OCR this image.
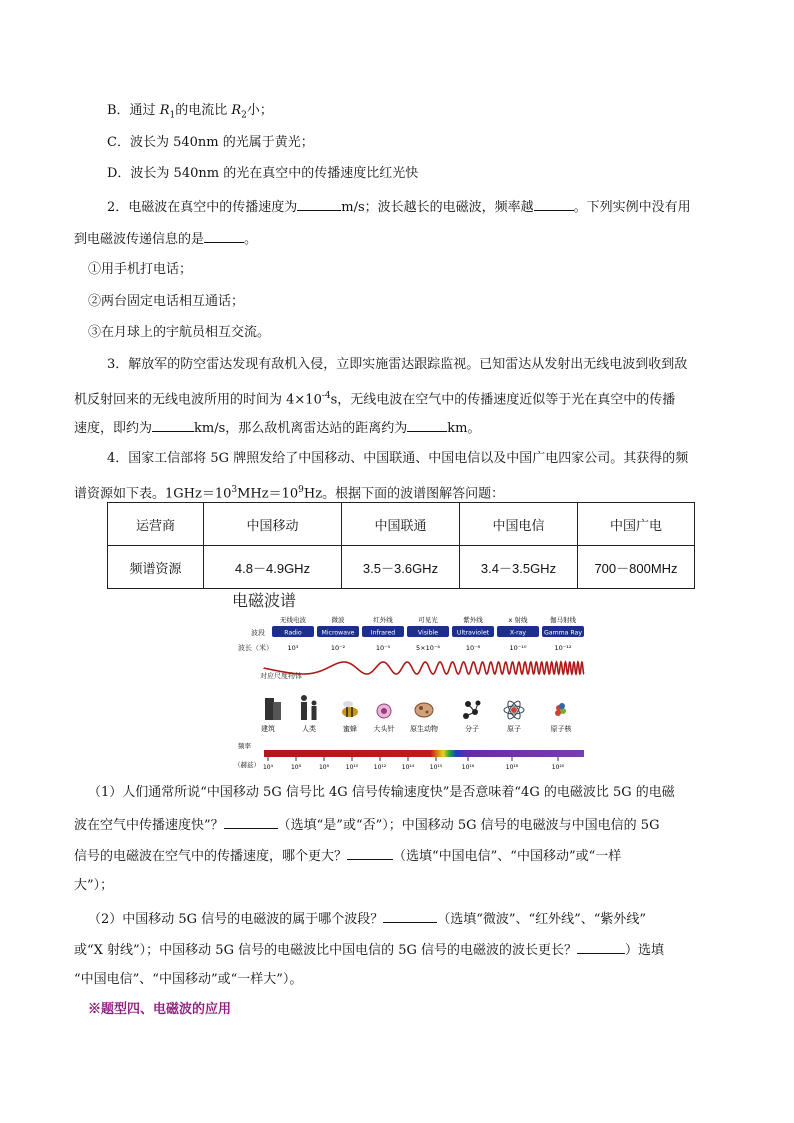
B．通过 $R_1$的电流比 $R_2$小；
C．波长为 540nm 的光属于黄光；
D．波长为 540nm 的光在真空中的传播速度比红光快
2．电磁波在真空中的传播速度为	m/s；波长越长的电磁波，频率越	。下列实例中没有用
到电磁波传递信息的是	。
①用手机打电话；
②两台固定电话相互通话；
③在月球上的宇航员相互交流。
3．解放军的防空雷达发现有敌机入侵，立即实施雷达跟踪监视。已知雷达从发射出无线电波到收到敌
机反射回来的无线电波所用的时间为 $4\times 10^{-4}s$，无线电波在空气中的传播速度近似等于光在真空中的传播
速度，即约为	km/s，那么敌机离雷达站的距离约为	km。
4．国家工信部将 5G 牌照发给了中国移动、中国联通、中国电信以及中国广电四家公司。其获得的频
谱资源如下表。$1GHz=10^3MHz=10^9Hz$。根据下面的波谱图解答问题：
运营商	中国移动	中国联通	中国电信	中国广电
频谱资源	4.8－4.9GHz	3.5－3.6GHz	3.4－3.5GHz	700－800MHz
电磁波谱
波段
波长（米）
对应尺度物体
无线电波
Radio
10³
微波
Microwave
10⁻²
红外线
Infrared
10⁻⁵
可见光
Visible
5×10⁻⁶
紫外线
Ultraviolet
10⁻⁸
x 射线
X-ray
10⁻¹⁰
伽马射线
Gamma Ray
10⁻¹²
建筑	人类	蜜蜂 大头针 原生动物	分子	原子	原子核
频率
（赫兹） 10⁴	10⁶	10⁸	10¹⁰	10¹²	10¹⁴	10¹⁵	10¹⁶	10¹⁸	10²⁰
（1）人们通常所说“中国移动 5G 信号比 4G 信号传输速度快”是否意味着“4G 的电磁波比 5G 的电磁
波在空气中传播速度快”？	（选填“是”或“否”）；中国移动 5G 信号的电磁波与中国电信的 5G
信号的电磁波在空气中的传播速度，哪个更大？	（选填“中国电信”、“中国移动”或“一样
大”）；
（2）中国移动 5G 信号的电磁波的属于哪个波段？	（选填“微波”、“红外线”、“紫外线”
或“X 射线”）；中国移动 5G 信号的电磁波比中国电信的 5G 信号的电磁波的波长更长？	）选填
“中国电信”、“中国移动”或“一样大”）。
※题型四、电磁波的应用
